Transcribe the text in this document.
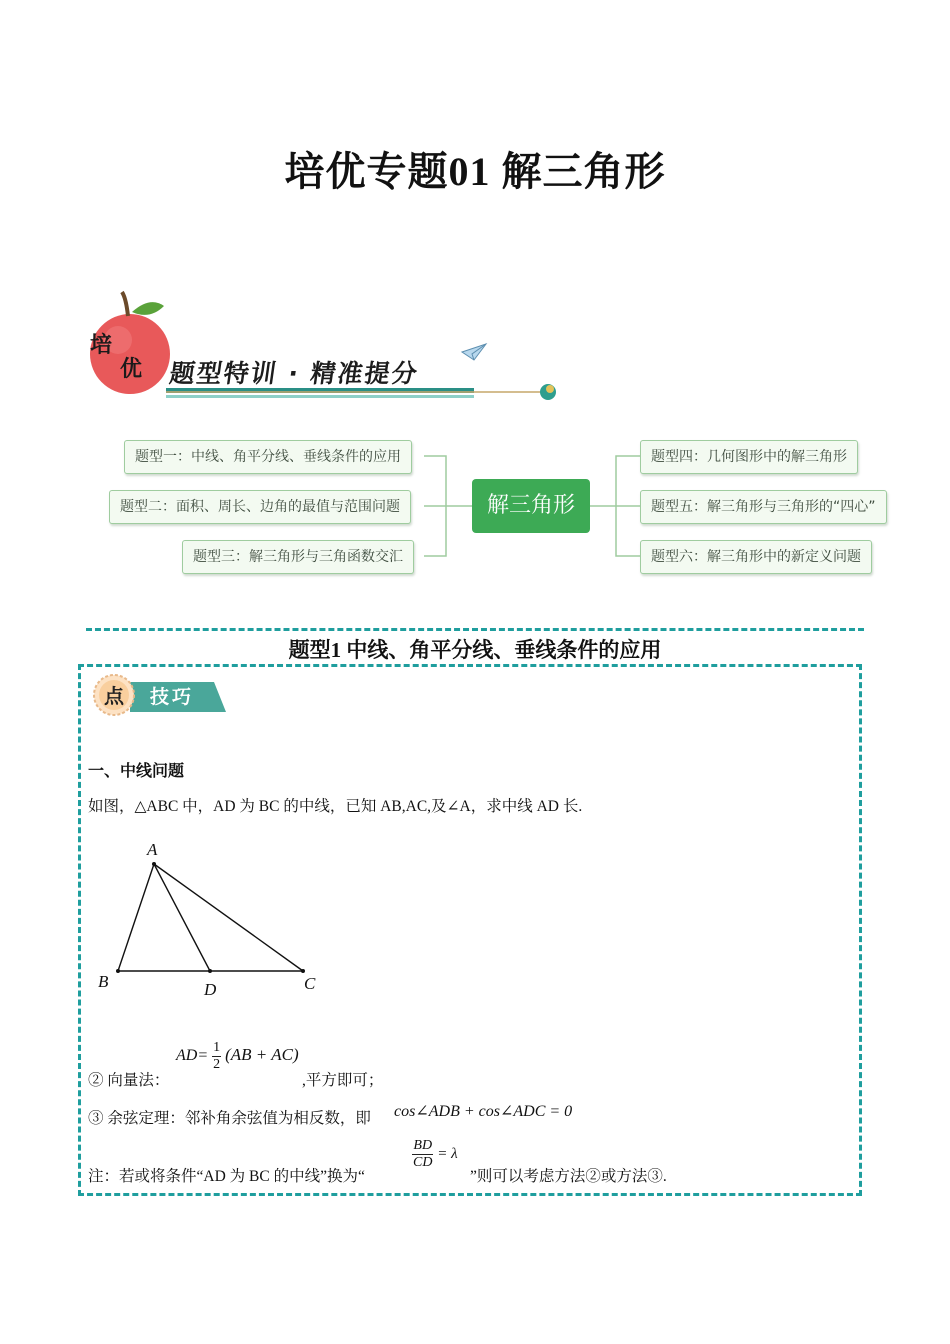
培优专题01 解三角形
培
优 题型特训 · 精准提分
题型一：中线、角平分线、垂线条件的应用
题型二：面积、周长、边角的最值与范围问题
题型三：解三角形与三角函数交汇
解三角形
题型四：几何图形中的解三角形
题型五：解三角形与三角形的“四心”
题型六：解三角形中的新定义问题
题型1 中线、角平分线、垂线条件的应用
点 技巧
一、中线问题
如图，△ABC 中，AD 为 BC 的中线，已知 AB,AC,及∠A，求中线 AD 长.
A
B	D	C
② 向量法：
$AD= \frac{1}{2} (AB + AC)$
,平方即可；
③ 余弦定理：邻补角余弦值为相反数，即 cos∠ADB + cos∠ADC = 0
注：若或将条件“AD 为 BC 的中线”换为“
$\frac{BD}{CD} = \lambda$
”则可以考虑方法②或方法③.
